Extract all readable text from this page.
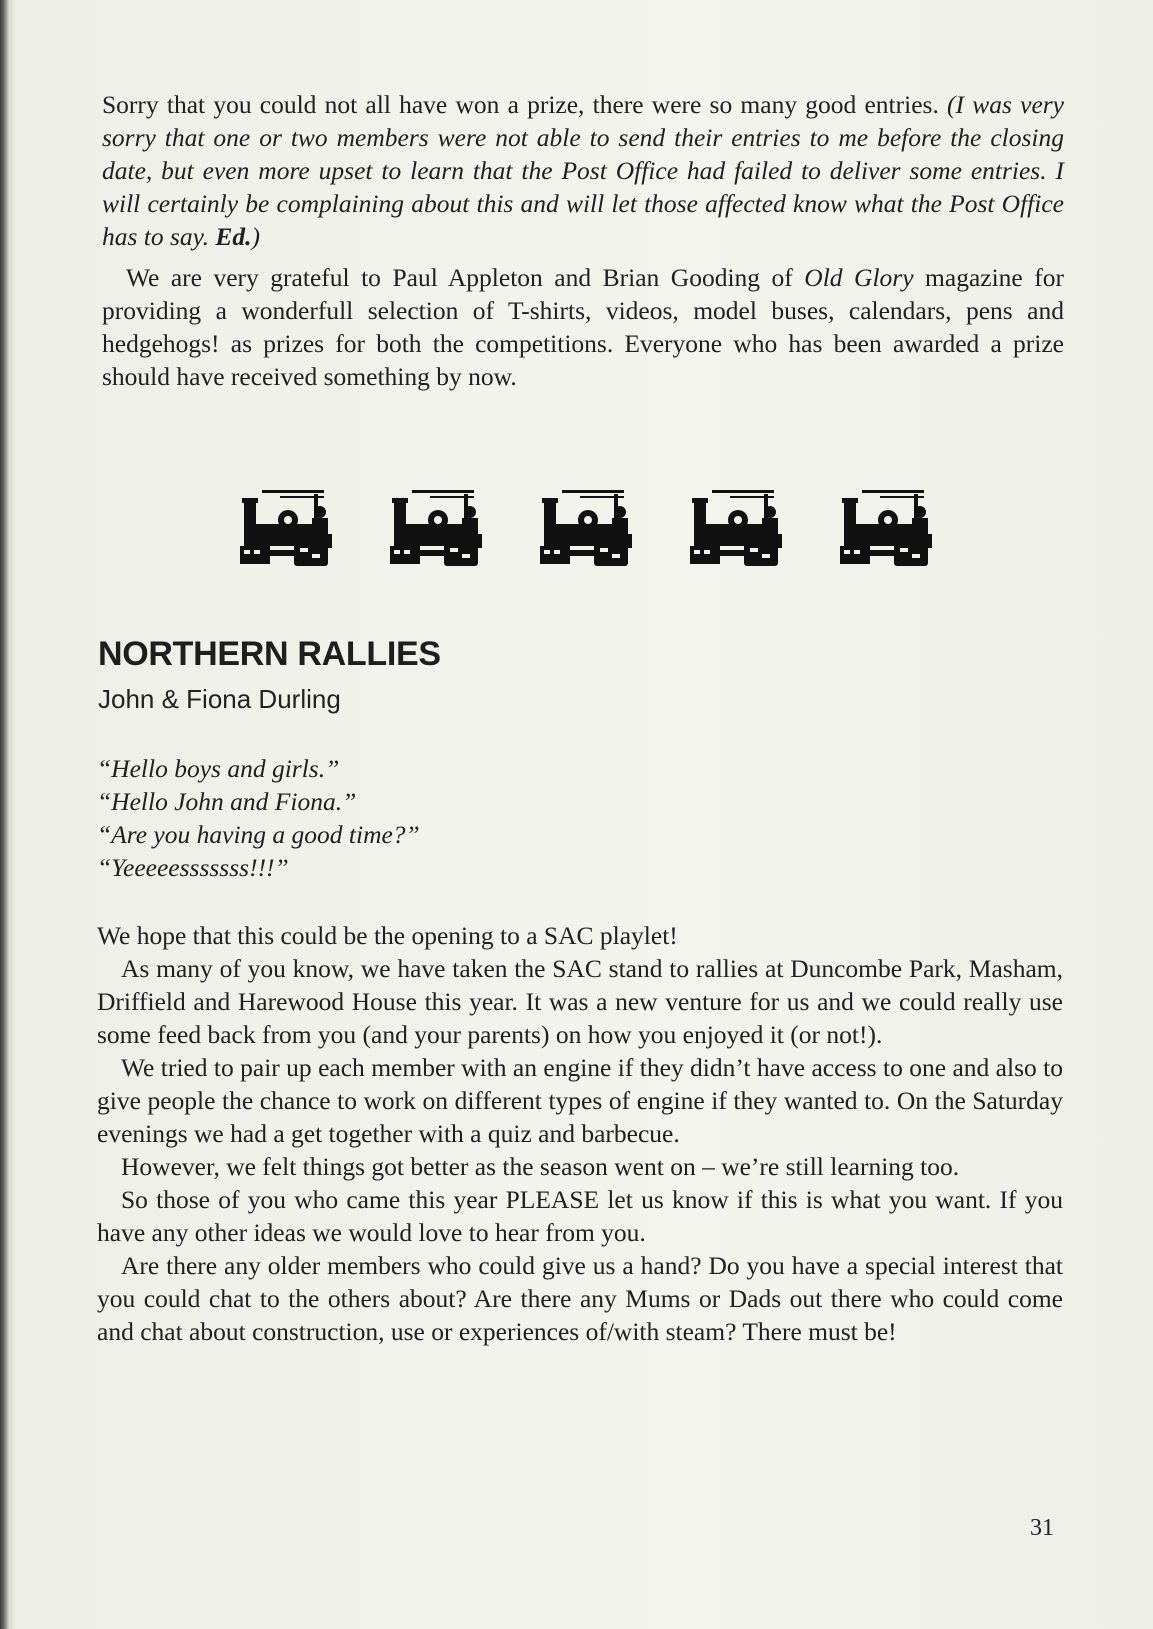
Sorry that you could not all have won a prize, there were so many good entries. (I was very sorry that one or two members were not able to send their entries to me before the closing date, but even more upset to learn that the Post Office had failed to deliver some entries. I will certainly be complaining about this and will let those affected know what the Post Office has to say. Ed.)

We are very grateful to Paul Appleton and Brian Gooding of Old Glory magazine for providing a wonderfull selection of T-shirts, videos, model buses, calendars, pens and hedgehogs! as prizes for both the competitions. Everyone who has been awarded a prize should have received something by now.

NORTHERN RALLIES

John & Fiona Durling

“Hello boys and girls.”
“Hello John and Fiona.”
“Are you having a good time?”
“Yeeeeesssssss!!!”

We hope that this could be the opening to a SAC playlet!

As many of you know, we have taken the SAC stand to rallies at Duncombe Park, Masham, Driffield and Harewood House this year. It was a new venture for us and we could really use some feed back from you (and your parents) on how you enjoyed it (or not!).

We tried to pair up each member with an engine if they didn’t have access to one and also to give people the chance to work on different types of engine if they wanted to. On the Saturday evenings we had a get together with a quiz and barbecue.

However, we felt things got better as the season went on – we’re still learning too.

So those of you who came this year PLEASE let us know if this is what you want. If you have any other ideas we would love to hear from you.

Are there any older members who could give us a hand? Do you have a special interest that you could chat to the others about? Are there any Mums or Dads out there who could come and chat about construction, use or experiences of/with steam? There must be!

31
